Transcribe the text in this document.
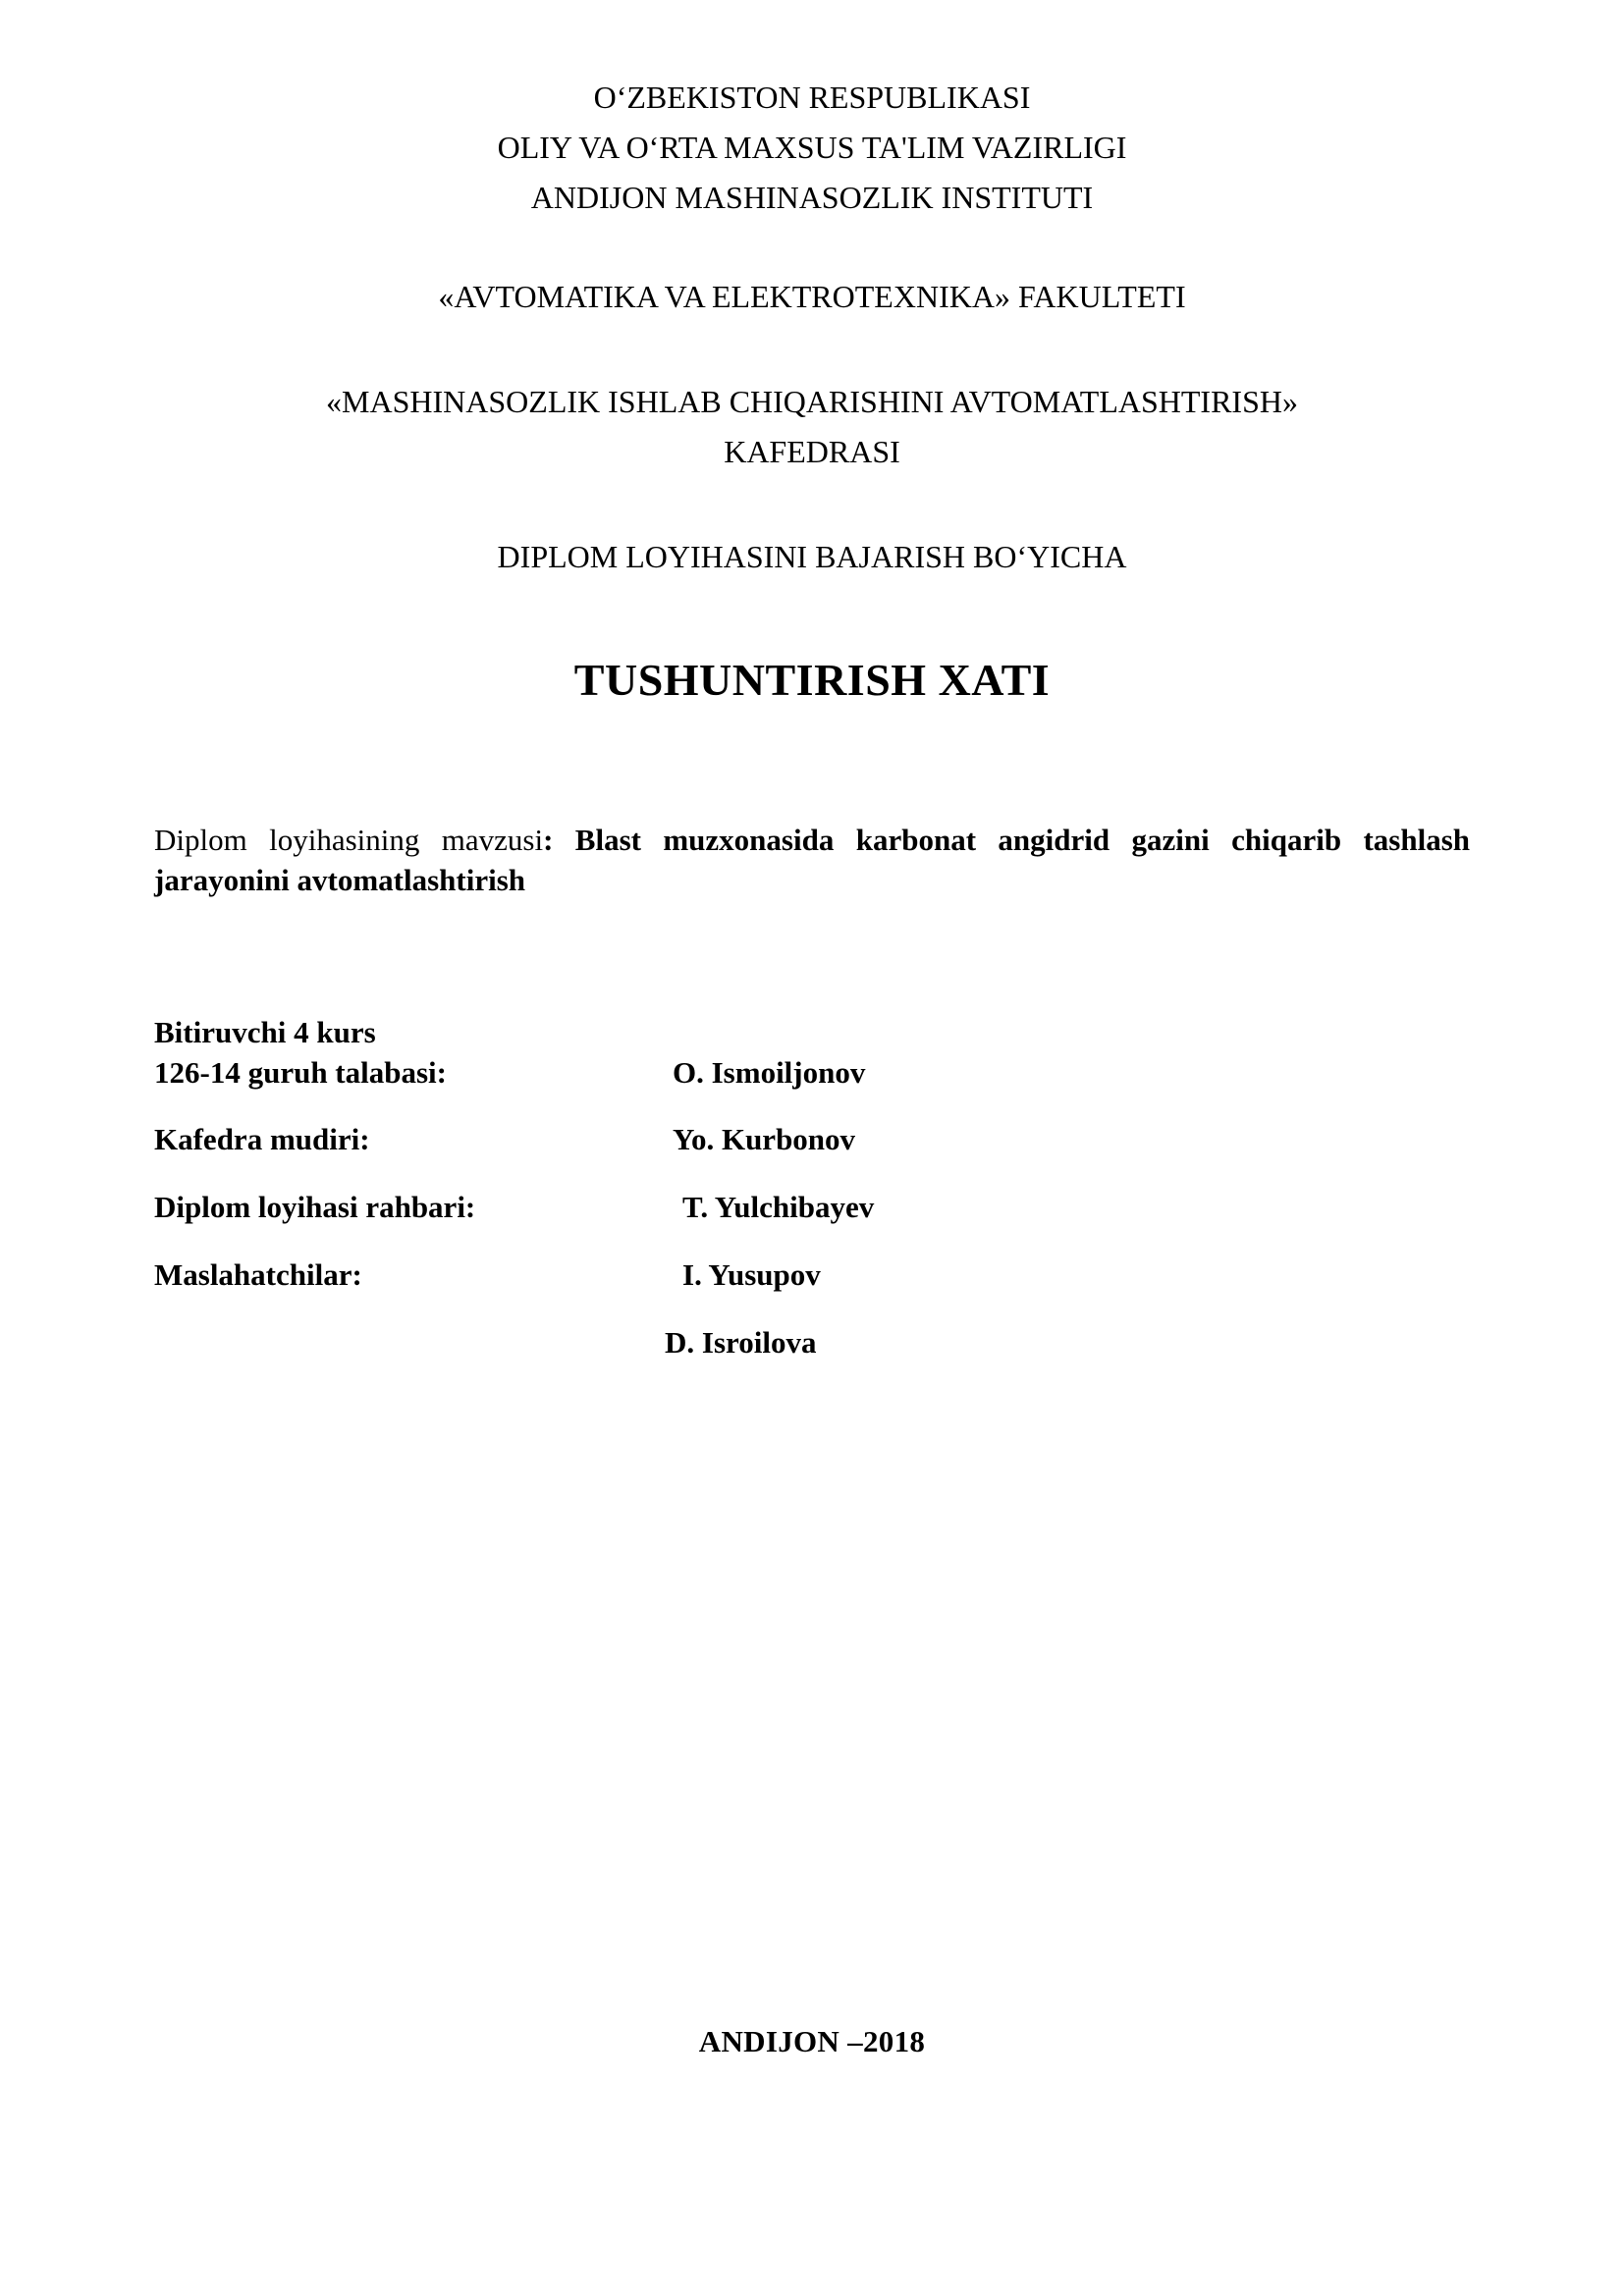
O‘ZBEKISTON RESPUBLIKASI
OLIY VA O‘RTA MAXSUS TA'LIM VAZIRLIGI
ANDIJON MASHINASOZLIK INSTITUTI
«AVTOMATIKA VA ELEKTROTEXNIKA» FAKULTETI
«MASHINASOZLIK ISHLAB CHIQARISHINI AVTOMATLASHTIRISH»
KAFEDRASI
DIPLOM LOYIHASINI BAJARISH BO‘YICHA
TUSHUNTIRISH XATI
Diplom loyihasining mavzusi: Blast muzxonasida karbonat angidrid gazini chiqarib tashlash jarayonini avtomatlashtirish
Bitiruvchi 4 kurs
126-14 guruh talabasi:	O. Ismoiljonov
Kafedra mudiri:	Yo. Kurbonov
Diplom loyihasi rahbari:	T. Yulchibayev
Maslahatchilar:	I. Yusupov
D. Isroilova
ANDIJON –2018
